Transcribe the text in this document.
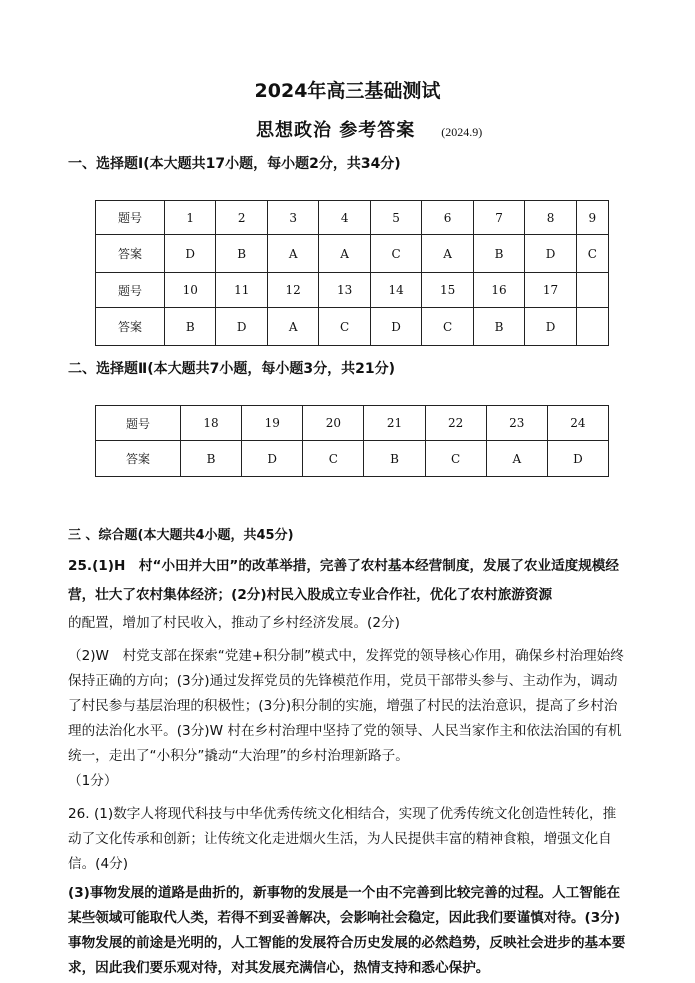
2024年高三基础测试
思想政治 参考答案 (2024.9)
一、选择题Ⅰ(本大题共17小题，每小题2分，共34分)
题号	1	2	3	4	5	6	7	8	9
答案	D	B	A	A	C	A	B	D	C
题号	10	11	12	13	14	15	16	17	
答案	B	D	A	C	D	C	B	D	
二、选择题Ⅱ(本大题共7小题，每小题3分，共21分)
题号	18	19	20	21	22	23	24
答案	B	D	C	B	C	A	D
三 、综合题(本大题共4小题，共45分)
25.(1)H　村“小田并大田”的改革举措，完善了农村基本经营制度，发展了农业适度规模经营，壮大了农村集体经济；(2分)村民入股成立专业合作社，优化了农村旅游资源
的配置，增加了村民收入，推动了乡村经济发展。(2分)
（2)W　村党支部在探索“党建+积分制”模式中，发挥党的领导核心作用，确保乡村治理始终保持正确的方向；(3分)通过发挥党员的先锋模范作用，党员干部带头参与、主动作为，调动了村民参与基层治理的积极性；(3分)积分制的实施，增强了村民的法治意识，提高了乡村治理的法治化水平。(3分)W 村在乡村治理中坚持了党的领导、人民当家作主和依法治国的有机统一，走出了“小积分”撬动“大治理”的乡村治理新路子。
（1分）
26. (1)数字人将现代科技与中华优秀传统文化相结合，实现了优秀传统文化创造性转化，推动了文化传承和创新；让传统文化走进烟火生活，为人民提供丰富的精神食粮，增强文化自信。(4分)
(3)事物发展的道路是曲折的，新事物的发展是一个由不完善到比较完善的过程。人工智能在某些领域可能取代人类，若得不到妥善解决，会影响社会稳定，因此我们要谨慎对待。(3分)事物发展的前途是光明的，人工智能的发展符合历史发展的必然趋势，反映社会进步的基本要求，因此我们要乐观对待，对其发展充满信心，热情支持和悉心保护。
